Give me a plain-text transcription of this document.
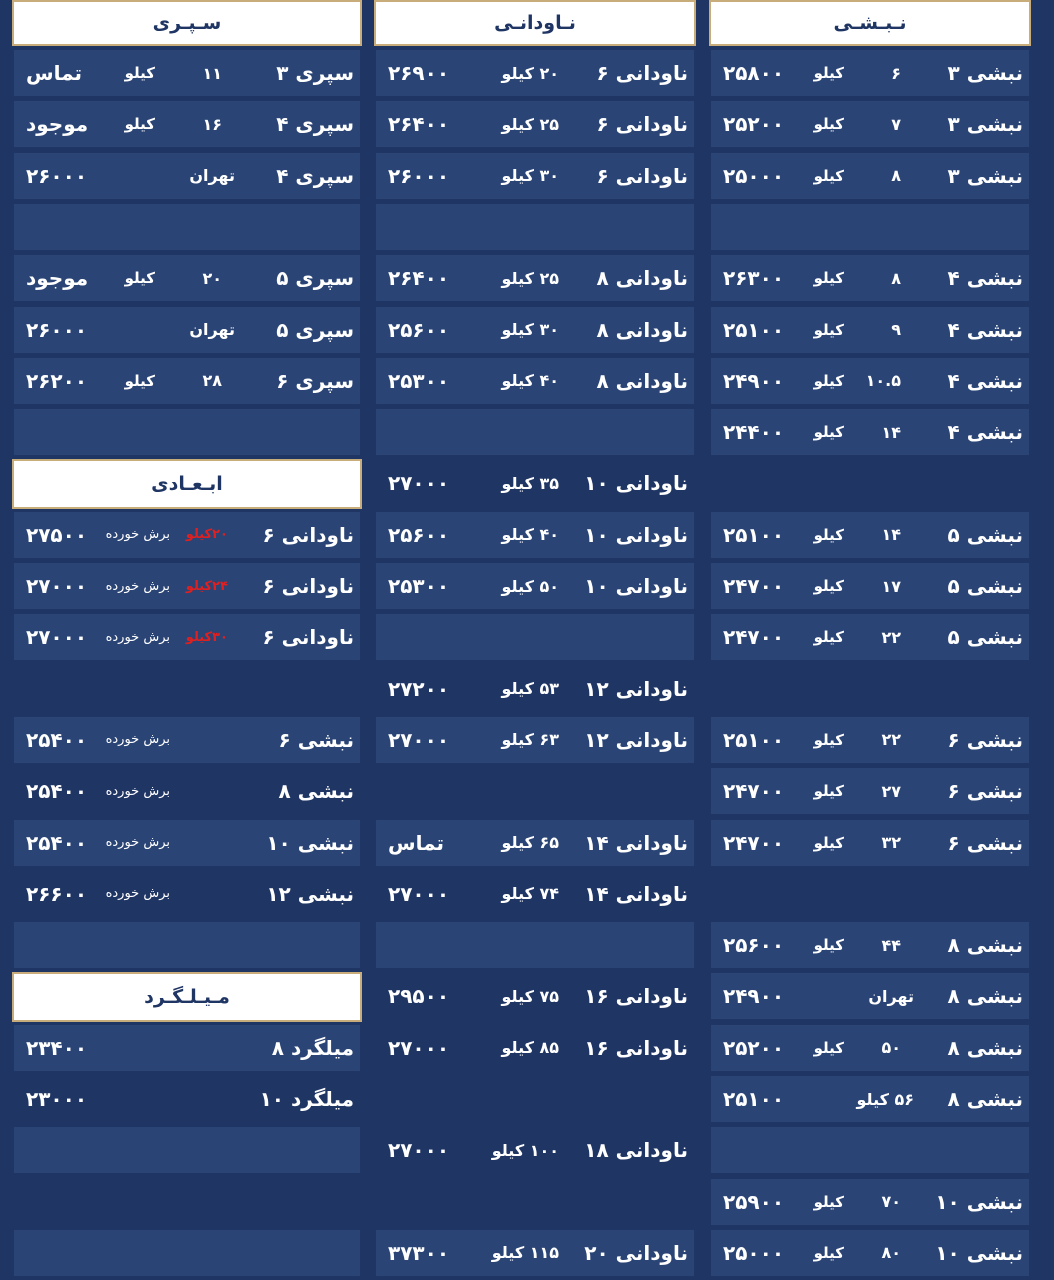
سـپـری	نـاودانـی	نـبـشـی
نبشی ۳
۶
کیلو
۲۵۸۰۰
نبشی ۳
۷
کیلو
۲۵۲۰۰
نبشی ۳
۸
کیلو
۲۵۰۰۰
نبشی ۴
۸
کیلو
۲۶۳۰۰
نبشی ۴
۹
کیلو
۲۵۱۰۰
نبشی ۴
۱۰.۵
کیلو
۲۴۹۰۰
نبشی ۴
۱۴
کیلو
۲۴۴۰۰
نبشی ۵
۱۴
کیلو
۲۵۱۰۰
نبشی ۵
۱۷
کیلو
۲۴۷۰۰
نبشی ۵
۲۲
کیلو
۲۴۷۰۰
نبشی ۶
۲۲
کیلو
۲۵۱۰۰
نبشی ۶
۲۷
کیلو
۲۴۷۰۰
نبشی ۶
۳۲
کیلو
۲۴۷۰۰
نبشی ۸
۴۴
کیلو
۲۵۶۰۰
نبشی ۸
تهران
۲۴۹۰۰
نبشی ۸
۵۰
کیلو
۲۵۲۰۰
نبشی ۸
۵۶ کیلو
۲۵۱۰۰
نبشی ۱۰
۷۰
کیلو
۲۵۹۰۰
نبشی ۱۰
۸۰
کیلو
۲۵۰۰۰
ناودانی ۶
۲۰ کیلو
۲۶۹۰۰
ناودانی ۶
۲۵ کیلو
۲۶۴۰۰
ناودانی ۶
۳۰ کیلو
۲۶۰۰۰
ناودانی ۸
۲۵ کیلو
۲۶۴۰۰
ناودانی ۸
۳۰ کیلو
۲۵۶۰۰
ناودانی ۸
۴۰ کیلو
۲۵۳۰۰
ناودانی ۱۰
۳۵ کیلو
۲۷۰۰۰
ناودانی ۱۰
۴۰ کیلو
۲۵۶۰۰
ناودانی ۱۰
۵۰ کیلو
۲۵۳۰۰
ناودانی ۱۲
۵۳ کیلو
۲۷۲۰۰
ناودانی ۱۲
۶۳ کیلو
۲۷۰۰۰
ناودانی ۱۴
۶۵ کیلو
تماس
ناودانی ۱۴
۷۴ کیلو
۲۷۰۰۰
ناودانی ۱۶
۷۵ کیلو
۲۹۵۰۰
ناودانی ۱۶
۸۵ کیلو
۲۷۰۰۰
ناودانی ۱۸
۱۰۰ کیلو
۲۷۰۰۰
ناودانی ۲۰
۱۱۵ کیلو
۳۷۳۰۰
سپری ۳
۱۱
کیلو
تماس
سپری ۴
۱۶
کیلو
موجود
سپری ۴
تهران
۲۶۰۰۰
سپری ۵
۲۰
کیلو
موجود
سپری ۵
تهران
۲۶۰۰۰
سپری ۶
۲۸
کیلو
۲۶۲۰۰
ابـعـادی
ناودانی ۶
۲۰کیلو
برش خورده
۲۷۵۰۰
ناودانی ۶
۲۴کیلو
برش خورده
۲۷۰۰۰
ناودانی ۶
۳۰کیلو
برش خورده
۲۷۰۰۰
نبشی ۶
برش خورده
۲۵۴۰۰
نبشی ۸
برش خورده
۲۵۴۰۰
نبشی ۱۰
برش خورده
۲۵۴۰۰
نبشی ۱۲
برش خورده
۲۶۶۰۰
مـیـلـگـرد
میلگرد ۸
۲۳۴۰۰
میلگرد ۱۰
۲۳۰۰۰
